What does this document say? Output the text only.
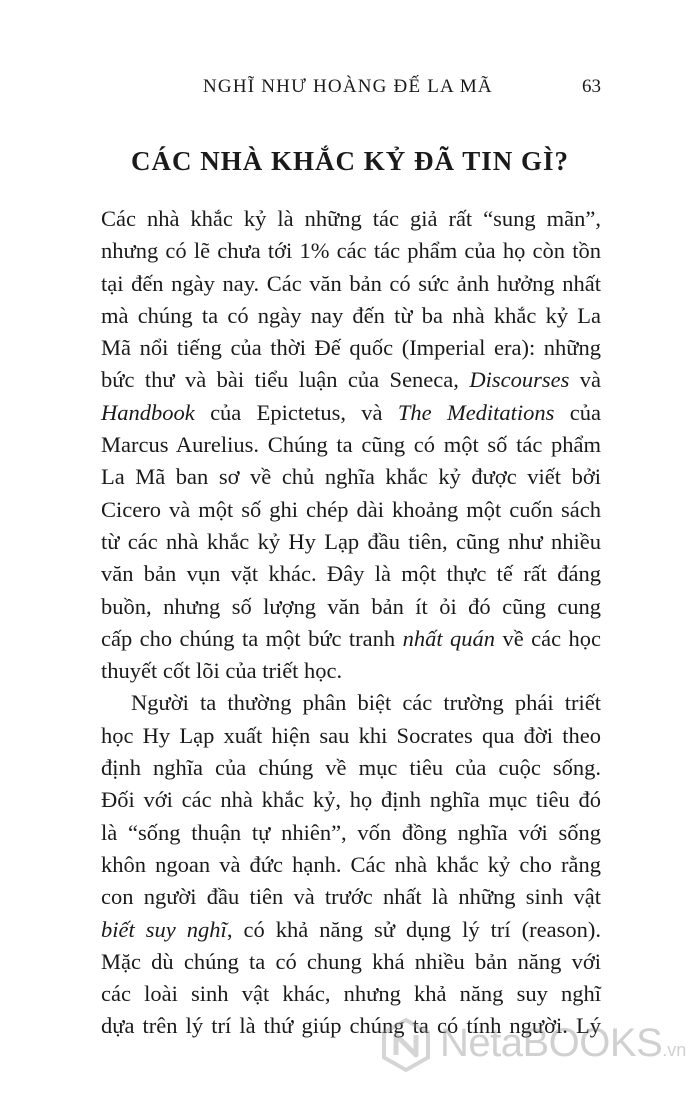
NGHĨ NHƯ HOÀNG ĐẾ LA MÃ	63
CÁC NHÀ KHẮC KỶ ĐÃ TIN GÌ?
Các nhà khắc kỷ là những tác giả rất “sung mãn”,
nhưng có lẽ chưa tới 1% các tác phẩm của họ còn tồn
tại đến ngày nay. Các văn bản có sức ảnh hưởng nhất
mà chúng ta có ngày nay đến từ ba nhà khắc kỷ La
Mã nổi tiếng của thời Đế quốc (Imperial era): những
bức thư và bài tiểu luận của Seneca, Discourses và
Handbook của Epictetus, và The Meditations của
Marcus Aurelius. Chúng ta cũng có một số tác phẩm
La Mã ban sơ về chủ nghĩa khắc kỷ được viết bởi
Cicero và một số ghi chép dài khoảng một cuốn sách
từ các nhà khắc kỷ Hy Lạp đầu tiên, cũng như nhiều
văn bản vụn vặt khác. Đây là một thực tế rất đáng
buồn, nhưng số lượng văn bản ít ỏi đó cũng cung
cấp cho chúng ta một bức tranh nhất quán về các học
thuyết cốt lõi của triết học.
Người ta thường phân biệt các trường phái triết
học Hy Lạp xuất hiện sau khi Socrates qua đời theo
định nghĩa của chúng về mục tiêu của cuộc sống.
Đối với các nhà khắc kỷ, họ định nghĩa mục tiêu đó
là “sống thuận tự nhiên”, vốn đồng nghĩa với sống
khôn ngoan và đức hạnh. Các nhà khắc kỷ cho rằng
con người đầu tiên và trước nhất là những sinh vật
biết suy nghĩ, có khả năng sử dụng lý trí (reason).
Mặc dù chúng ta có chung khá nhiều bản năng với
các loài sinh vật khác, nhưng khả năng suy nghĩ
dựa trên lý trí là thứ giúp chúng ta có tính người. Lý
NetaBOOKS.vn
